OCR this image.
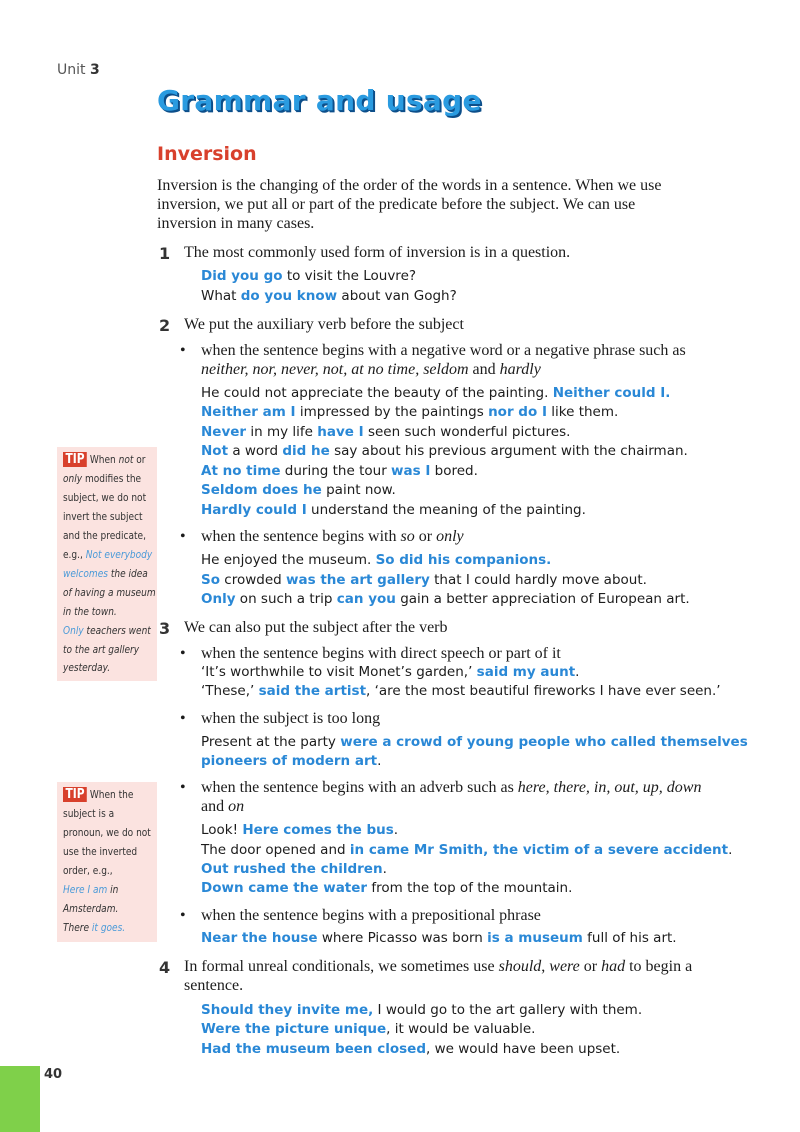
Unit 3
Grammar and usage
Inversion
Inversion is the changing of the order of the words in a sentence. When we use
inversion, we put all or part of the predicate before the subject. We can use
inversion in many cases.
1 The most commonly used form of inversion is in a question.
Did you go to visit the Louvre?
What do you know about van Gogh?
2 We put the auxiliary verb before the subject
• when the sentence begins with a negative word or a negative phrase such as
neither, nor, never, not, at no time, seldom and hardly
He could not appreciate the beauty of the painting. Neither could I.
Neither am I impressed by the paintings nor do I like them.
Never in my life have I seen such wonderful pictures.
Not a word did he say about his previous argument with the chairman.
At no time during the tour was I bored.
Seldom does he paint now.
Hardly could I understand the meaning of the painting.
• when the sentence begins with so or only
He enjoyed the museum. So did his companions.
So crowded was the art gallery that I could hardly move about.
Only on such a trip can you gain a better appreciation of European art.
3 We can also put the subject after the verb
• when the sentence begins with direct speech or part of it
‘It’s worthwhile to visit Monet’s garden,’ said my aunt.
‘These,’ said the artist, ‘are the most beautiful fireworks I have ever seen.’
• when the subject is too long
Present at the party were a crowd of young people who called themselves
pioneers of modern art.
• when the sentence begins with an adverb such as here, there, in, out, up, down
and on
Look! Here comes the bus.
The door opened and in came Mr Smith, the victim of a severe accident.
Out rushed the children.
Down came the water from the top of the mountain.
• when the sentence begins with a prepositional phrase
Near the house where Picasso was born is a museum full of his art.
4 In formal unreal conditionals, we sometimes use should, were or had to begin a
sentence.
Should they invite me, I would go to the art gallery with them.
Were the picture unique, it would be valuable.
Had the museum been closed, we would have been upset.
TIP When not or
only modifies the
subject, we do not
invert the subject
and the predicate,
e.g., Not everybody
welcomes the idea
of having a museum
in the town.
Only teachers went
to the art gallery
yesterday.
TIP When the
subject is a
pronoun, we do not
use the inverted
order, e.g.,
Here I am in
Amsterdam.
There it goes.
40
